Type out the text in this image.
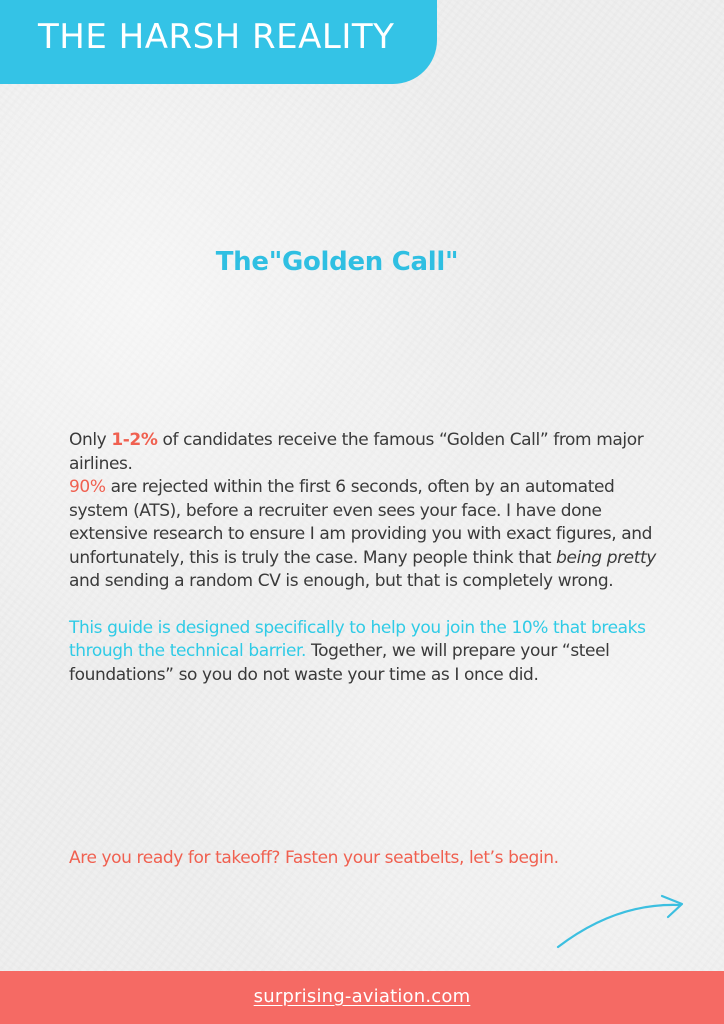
THE HARSH REALITY
The"Golden Call"

Only 1-2% of candidates receive the famous “Golden Call” from major airlines.

90% are rejected within the first 6 seconds, often by an automated system (ATS), before a recruiter even sees your face. I have done extensive research to ensure I am providing you with exact figures, and unfortunately, this is truly the case. Many people think that being pretty and sending a random CV is enough, but that is completely wrong.

This guide is designed specifically to help you join the 10% that breaks through the technical barrier. Together, we will prepare your “steel foundations” so you do not waste your time as I once did.

Are you ready for takeoff? Fasten your seatbelts, let’s begin.
surprising-aviation.com
